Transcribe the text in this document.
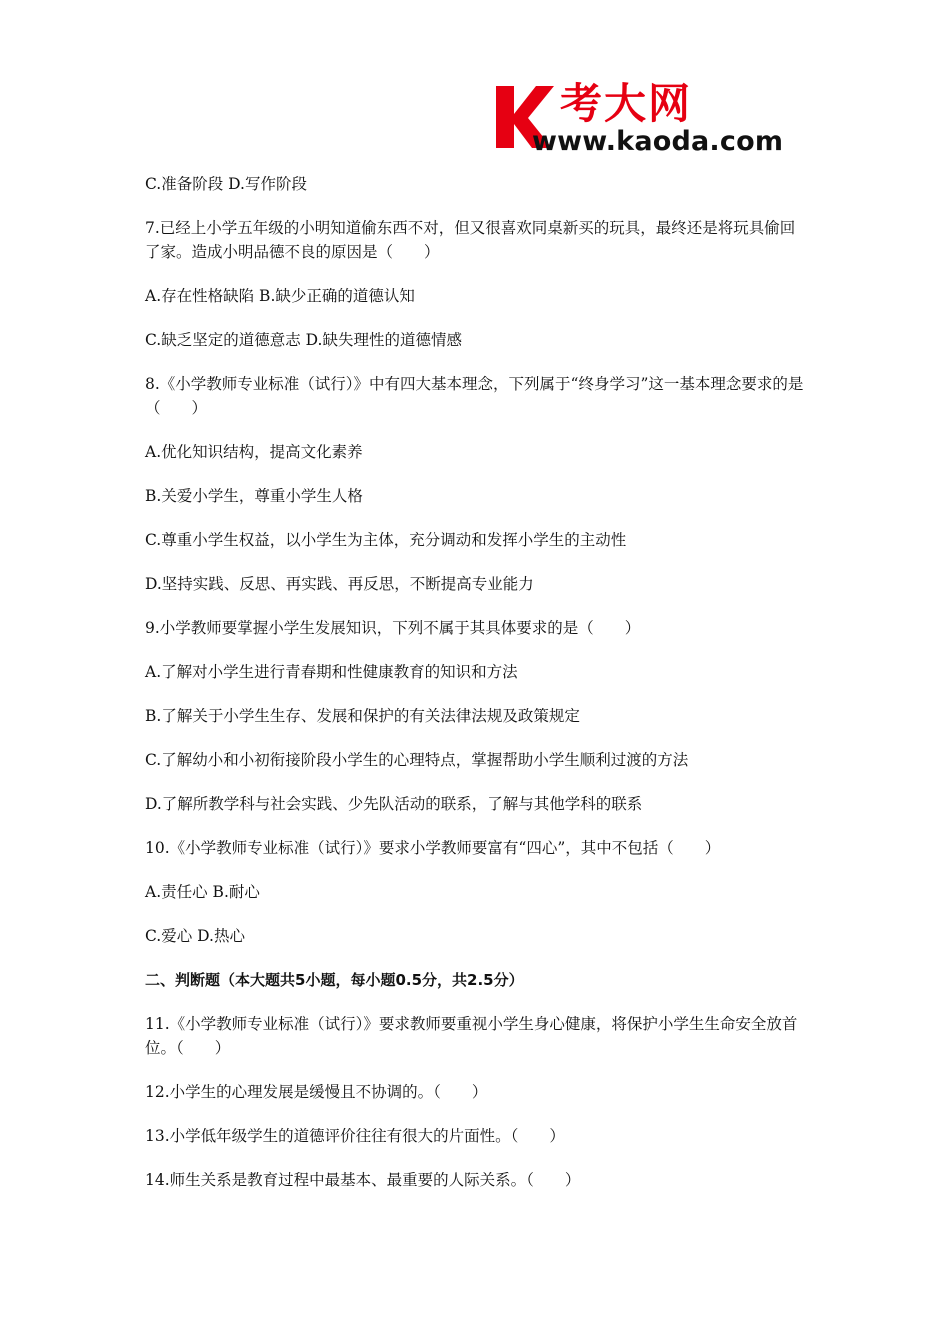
考大网
www.kaoda.com

C.准备阶段 D.写作阶段

7.已经上小学五年级的小明知道偷东西不对，但又很喜欢同桌新买的玩具，最终还是将玩具偷回了家。造成小明品德不良的原因是（　　）

A.存在性格缺陷 B.缺少正确的道德认知

C.缺乏坚定的道德意志 D.缺失理性的道德情感

8.《小学教师专业标准（试行）》中有四大基本理念，下列属于“终身学习”这一基本理念要求的是（　　）

A.优化知识结构，提高文化素养

B.关爱小学生，尊重小学生人格

C.尊重小学生权益，以小学生为主体，充分调动和发挥小学生的主动性

D.坚持实践、反思、再实践、再反思，不断提高专业能力

9.小学教师要掌握小学生发展知识，下列不属于其具体要求的是（　　）

A.了解对小学生进行青春期和性健康教育的知识和方法

B.了解关于小学生生存、发展和保护的有关法律法规及政策规定

C.了解幼小和小初衔接阶段小学生的心理特点，掌握帮助小学生顺利过渡的方法

D.了解所教学科与社会实践、少先队活动的联系，了解与其他学科的联系

10.《小学教师专业标准（试行）》要求小学教师要富有“四心”，其中不包括（　　）

A.责任心 B.耐心

C.爱心 D.热心

二、判断题（本大题共5小题，每小题0.5分，共2.5分）

11.《小学教师专业标准（试行）》要求教师要重视小学生身心健康，将保护小学生生命安全放首位。（　　）

12.小学生的心理发展是缓慢且不协调的。（　　）

13.小学低年级学生的道德评价往往有很大的片面性。（　　）

14.师生关系是教育过程中最基本、最重要的人际关系。（　　）
